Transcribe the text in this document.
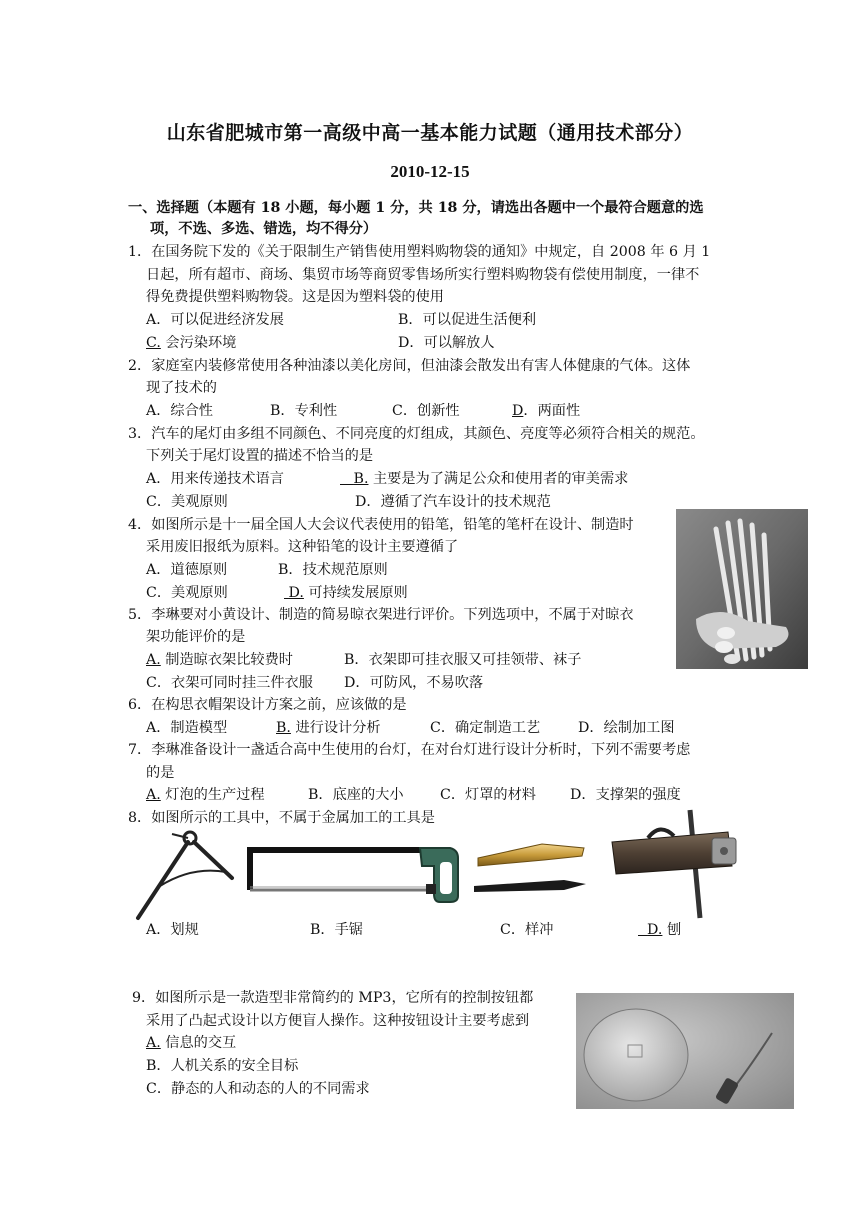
山东省肥城市第一高级中高一基本能力试题（通用技术部分）
2010-12-15
一、选择题（本题有 18 小题，每小题 1 分，共 18 分，请选出各题中一个最符合题意的选
项，不选、多选、错选，均不得分）
1．在国务院下发的《关于限制生产销售使用塑料购物袋的通知》中规定，自 2008 年 6 月 1
日起，所有超市、商场、集贸市场等商贸零售场所实行塑料购物袋有偿使用制度，一律不
得免费提供塑料购物袋。这是因为塑料袋的使用
A．可以促进经济发展	B．可以促进生活便利
C. 会污染环境	D．可以解放人
2．家庭室内装修常使用各种油漆以美化房间，但油漆会散发出有害人体健康的气体。这体
现了技术的
A．综合性	B．专利性	C．创新性	D．两面性
3．汽车的尾灯由多组不同颜色、不同亮度的灯组成，其颜色、亮度等必须符合相关的规范。
下列关于尾灯设置的描述不恰当的是
A．用来传递技术语言	B. 主要是为了满足公众和使用者的审美需求
C．美观原则	D．遵循了汽车设计的技术规范
4．如图所示是十一届全国人大会议代表使用的铅笔，铅笔的笔杆在设计、制造时
采用废旧报纸为原料。这种铅笔的设计主要遵循了
A．道德原则	B．技术规范原则
C．美观原则	D. 可持续发展原则
5．李琳要对小黄设计、制造的简易晾衣架进行评价。下列选项中，不属于对晾衣
架功能评价的是
A. 制造晾衣架比较费时	B．衣架即可挂衣服又可挂领带、袜子
C．衣架可同时挂三件衣服 D．可防风，不易吹落
6．在构思衣帽架设计方案之前，应该做的是
A．制造模型	B. 进行设计分析	C．确定制造工艺	D．绘制加工图
7．李琳准备设计一盏适合高中生使用的台灯，在对台灯进行设计分析时，下列不需要考虑
的是
A. 灯泡的生产过程	B．底座的大小	C．灯罩的材料 D．支撑架的强度
8．如图所示的工具中，不属于金属加工的工具是
A．划规	B．手锯	C．样冲	D. 刨
9．如图所示是一款造型非常简约的 MP3，它所有的控制按钮都
采用了凸起式设计以方便盲人操作。这种按钮设计主要考虑到
A. 信息的交互
B．人机关系的安全目标
C．静态的人和动态的人的不同需求
